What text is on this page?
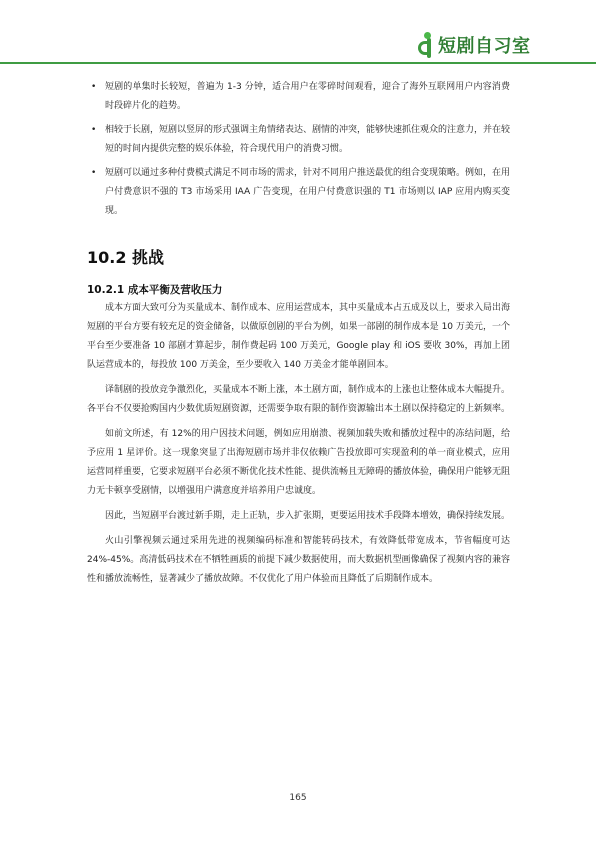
短剧自习室

• 短剧的单集时长较短，普遍为 1-3 分钟，适合用户在零碎时间观看，迎合了海外互联网用户内容消费时段碎片化的趋势。

• 相较于长剧，短剧以竖屏的形式强调主角情绪表达、剧情的冲突，能够快速抓住观众的注意力，并在较短的时间内提供完整的娱乐体验，符合现代用户的消费习惯。

• 短剧可以通过多种付费模式满足不同市场的需求，针对不同用户推送最优的组合变现策略。例如，在用户付费意识不强的 T3 市场采用 IAA 广告变现，在用户付费意识强的 T1 市场则以 IAP 应用内购买变现。

10.2 挑战
10.2.1 成本平衡及营收压力

成本方面大致可分为买量成本、制作成本、应用运营成本，其中买量成本占五成及以上，要求入局出海短剧的平台方要有较充足的资金储备，以做原创剧的平台为例，如果一部剧的制作成本是 10 万美元，一个平台至少要准备 10 部剧才算起步，制作费起码 100 万美元，Google play 和 iOS 要收 30%，再加上团队运营成本的，每投放 100 万美金，至少要收入 140 万美金才能单剧回本。

译制剧的投放竞争激烈化，买量成本不断上涨，本土剧方面，制作成本的上涨也让整体成本大幅提升。各平台不仅要抢购国内少数优质短剧资源，还需要争取有限的制作资源输出本土剧以保持稳定的上新频率。

如前文所述，有 12%的用户因技术问题，例如应用崩溃、视频加载失败和播放过程中的冻结问题，给予应用 1 星评价。这一现象突显了出海短剧市场并非仅依赖广告投放即可实现盈利的单一商业模式，应用运营同样重要，它要求短剧平台必须不断优化技术性能、提供流畅且无障碍的播放体验，确保用户能够无阻力无卡顿享受剧情，以增强用户满意度并培养用户忠诚度。

因此，当短剧平台渡过新手期，走上正轨，步入扩张期，更要运用技术手段降本增效，确保持续发展。

火山引擎视频云通过采用先进的视频编码标准和智能转码技术，有效降低带宽成本，节省幅度可达 24%-45%。高清低码技术在不牺牲画质的前提下减少数据使用，而大数据机型画像确保了视频内容的兼容性和播放流畅性，显著减少了播放故障。不仅优化了用户体验而且降低了后期制作成本。

165
